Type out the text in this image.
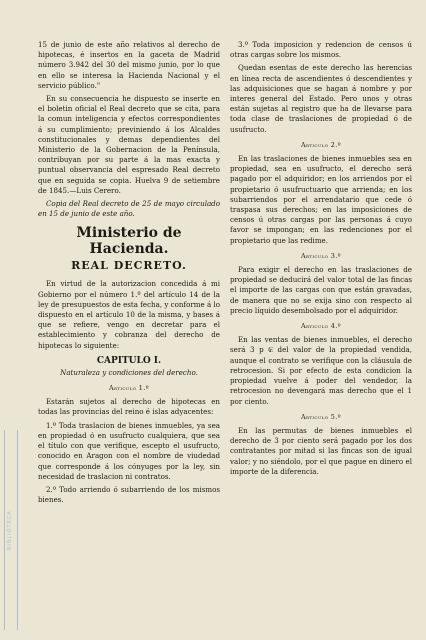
15 de junio de este año relativos al derecho de hipotecas, é insertos en la gaceta de Madrid número 3.942 del 30 del mismo junio, por lo que en ello se interesa la Hacienda Nacional y el servicio público."

En su consecuencia he dispuesto se inserte en el boletin oficial el Real decreto que se cita, para la comun inteligencia y efectos correspondientes á su cumplimiento; previniendo á los Alcaldes constitucionales y demas dependientes del Ministerio de la Gobernacion de la Península, contribuyan por su parte á la mas exacta y puntual observancia del espresado Real decreto que en seguida se copia. Huelva 9 de setiembre de 1845.—Luis Cerero.

Copia del Real decreto de 25 de mayo circulado en 15 de junio de este año.

Ministerio de Hacienda.
REAL DECRETO.

En virtud de la autorizacion concedida á mi Gobierno por el número 1.º del artículo 14 de la ley de presupuestos de esta fecha, y conforme á lo dispuesto en el artículo 10 de la misma, y bases á que se refiere, vengo en decretar para el establecimiento y cobranza del derecho de hipotecas lo siguiente:

CAPITULO I.
Naturaleza y condiciones del derecho.
Articulo 1.º

Estarán sujetos al derecho de hipotecas en todas las provincias del reino é islas adyacentes:

1.º Toda traslacion de bienes inmuebles, ya sea en propiedad ó en usufructo cualquiera, que sea el título con que verifique, escepto el usufructo, conocido en Aragon con el nombre de viudedad que corresponde á los cónyuges por la ley, sin necesidad de traslacion ni contratos.

2.º Todo arriendo ó subarriendo de los mismos bienes.

3.º Toda imposicion y redencion de censos ú otras cargas sobre los mismos.

Quedan esentas de este derecho las herencias en línea recta de ascendientes ó descendientes y las adquisiciones que se hagan á nombre y por interes general del Estado. Pero unos y otras están sujetas al registro que ha de llevarse para toda clase de traslaciones de propiedad ó de usufructo.

Articulo 2.º

En las traslaciones de bienes inmuebles sea en propiedad, sea en usufructo, el derecho será pagado por el adquiridor; en los arriendos por el propietario ó usufructuario que arrienda; en los subarriendos por el arrendatario que cede ó traspasa sus derechos; en las imposiciones de censos ú otras cargas por las personas á cuyo favor se impongan; en las redenciones por el propietario que las redime.

Articulo 3.º

Para exigir el derecho en las traslaciones de propiedad se deducirá del valor total de las fincas el importe de las cargas con que están gravadas, de manera que no se exija sino con respecto al precio líquido desembolsado por el adquiridor.

Articulo 4.º

En las ventas de bienes inmuebles, el derecho será 3 p ₢ del valor de la propiedad vendida, aunque el contrato se verifique con la cláusula de retrocesion. Si por efecto de esta condicion la propiedad vuelve á poder del vendedor, la retrocesion no devengará mas derecho que el 1 por ciento.

Articulo 5.º

En las permutas de bienes inmuebles el derecho de 3 por ciento será pagado por los dos contratantes por mitad si las fincas son de igual valor; y no siéndolo, por el que pague en dinero el importe de la diferencia.

BIBLIOTECA
